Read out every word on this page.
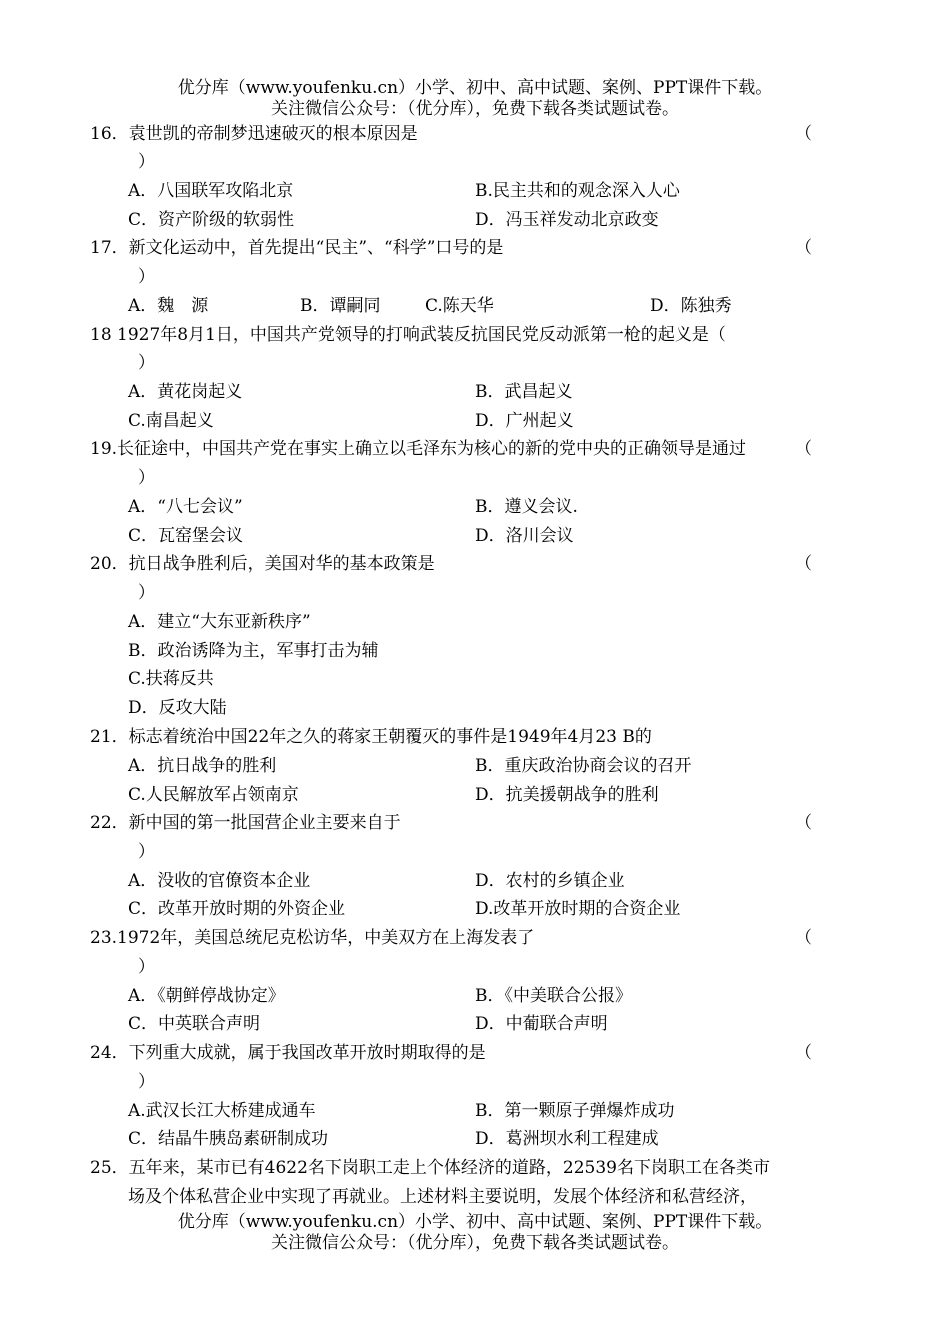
优分库（www.youfenku.cn）小学、初中、高中试题、案例、PPT课件下载。
关注微信公众号：（优分库），免费下载各类试题试卷。
16．袁世凯的帝制梦迅速破灭的根本原因是	（
）
A．八国联军攻陷北京	B.民主共和的观念深入人心
C．资产阶级的软弱性	D．冯玉祥发动北京政变
17．新文化运动中，首先提出“民主”、“科学”口号的是	（
）
A．魏　源	B．谭嗣同	C.陈天华	D．陈独秀
18 1927年8月1日，中国共产党领导的打响武装反抗国民党反动派第一枪的起义是（
）
A．黄花岗起义	B．武昌起义
C.南昌起义	D．广州起义
19.长征途中，中国共产党在事实上确立以毛泽东为核心的新的党中央的正确领导是通过	（
）
A．“八七会议”	B．遵义会议.
C．瓦窑堡会议	D．洛川会议
20．抗日战争胜利后，美国对华的基本政策是	（
）
A．建立“大东亚新秩序”
B．政治诱降为主，军事打击为辅
C.扶蒋反共
D．反攻大陆
21．标志着统治中国22年之久的蒋家王朝覆灭的事件是1949年4月23 B的
A．抗日战争的胜利	B．重庆政治协商会议的召开
C.人民解放军占领南京	D．抗美援朝战争的胜利
22．新中国的第一批国营企业主要来自于	（
）
A．没收的官僚资本企业	D．农村的乡镇企业
C．改革开放时期的外资企业	D.改革开放时期的合资企业
23.1972年，美国总统尼克松访华，中美双方在上海发表了	（
）
A．《朝鲜停战协定》	B．《中美联合公报》
C．中英联合声明	D．中葡联合声明
24．下列重大成就，属于我国改革开放时期取得的是	（
）
A.武汉长江大桥建成通车	B．第一颗原子弹爆炸成功
C．结晶牛胰岛素研制成功	D．葛洲坝水利工程建成
25．五年来，某市已有4622名下岗职工走上个体经济的道路，22539名下岗职工在各类市
场及个体私营企业中实现了再就业。上述材料主要说明，发展个体经济和私营经济，
优分库（www.youfenku.cn）小学、初中、高中试题、案例、PPT课件下载。
关注微信公众号：（优分库），免费下载各类试题试卷。
